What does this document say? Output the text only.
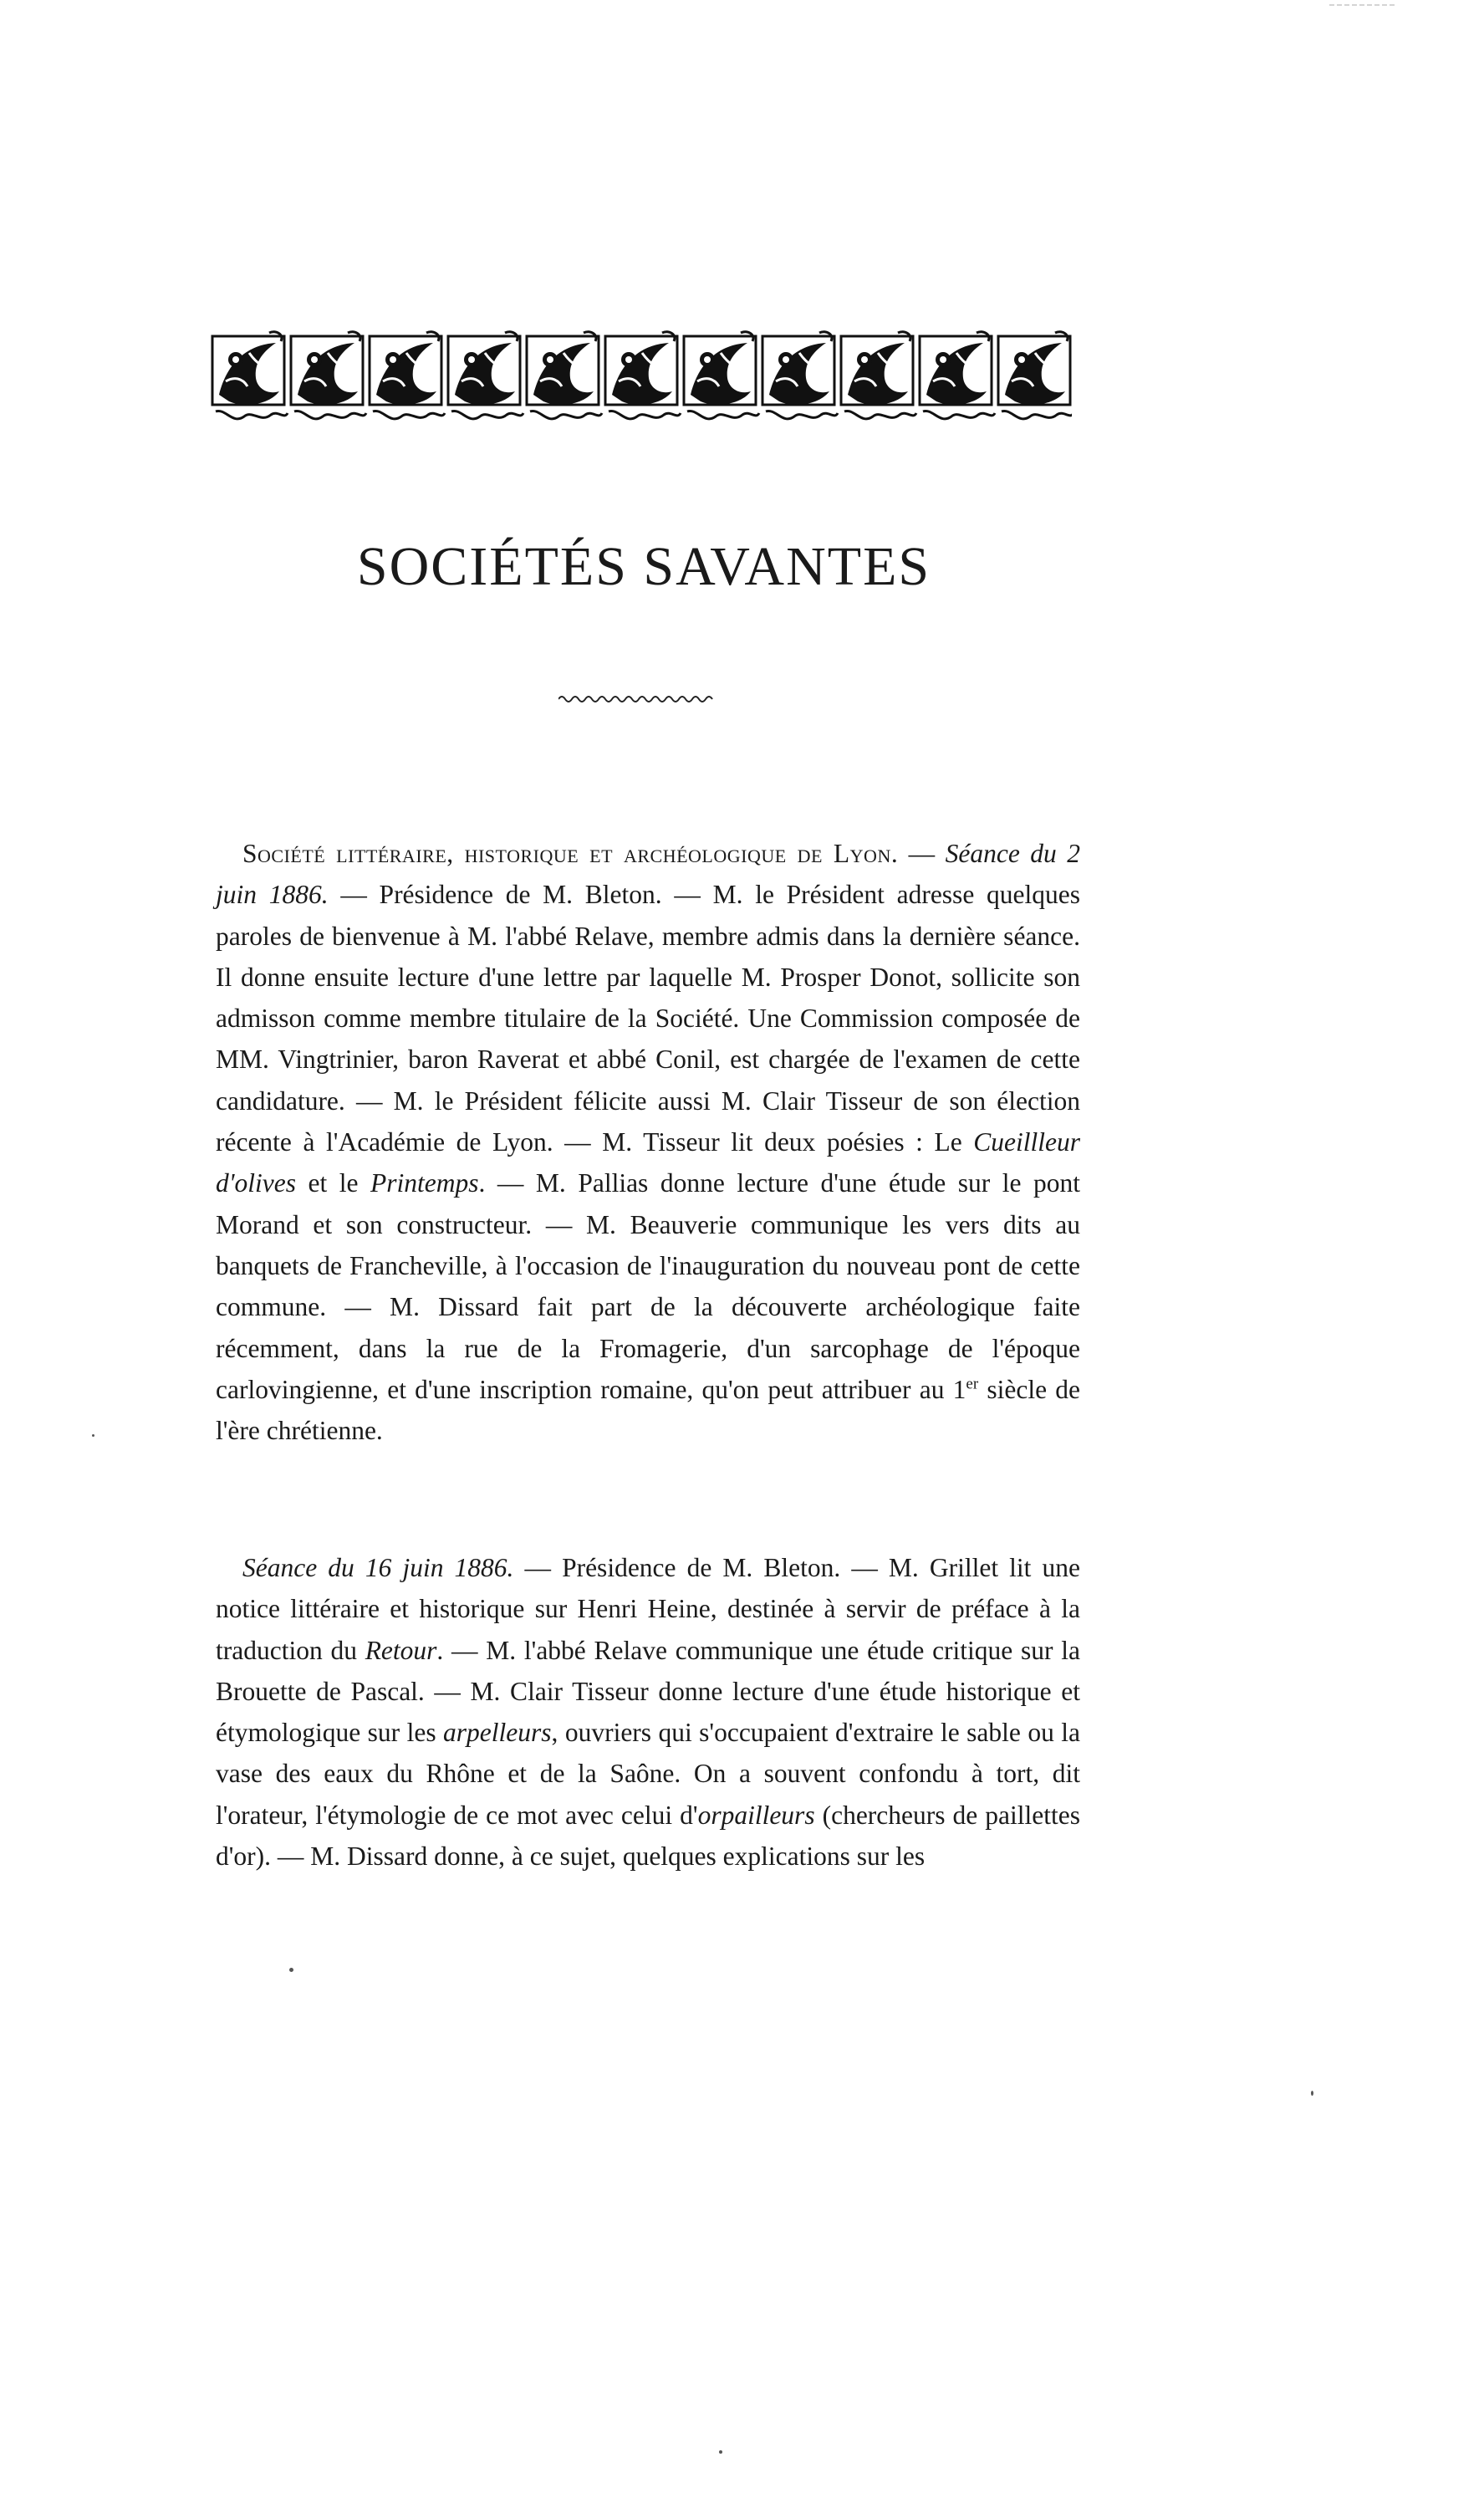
SOCIÉTÉS SAVANTES

Société littéraire, historique et archéologique de Lyon. — Séance du 2 juin 1886. — Présidence de M. Bleton. — M. le Président adresse quelques paroles de bienvenue à M. l'abbé Relave, membre admis dans la dernière séance. Il donne ensuite lecture d'une lettre par laquelle M. Prosper Donot, sollicite son admisson comme membre titulaire de la Société. Une Commission composée de MM. Vingtrinier, baron Raverat et abbé Conil, est chargée de l'examen de cette candidature. — M. le Président félicite aussi M. Clair Tisseur de son élection récente à l'Académie de Lyon. — M. Tisseur lit deux poésies : Le Cueillleur d'olives et le Printemps. — M. Pallias donne lecture d'une étude sur le pont Morand et son constructeur. — M. Beauverie communique les vers dits au banquets de Francheville, à l'occasion de l'inauguration du nouveau pont de cette commune. — M. Dissard fait part de la découverte archéologique faite récemment, dans la rue de la Fromagerie, d'un sarcophage de l'époque carlovingienne, et d'une inscription romaine, qu'on peut attribuer au 1er siècle de l'ère chrétienne.

Séance du 16 juin 1886. — Présidence de M. Bleton. — M. Grillet lit une notice littéraire et historique sur Henri Heine, destinée à servir de préface à la traduction du Retour. — M. l'abbé Relave communique une étude critique sur la Brouette de Pascal. — M. Clair Tisseur donne lecture d'une étude historique et étymologique sur les arpelleurs, ouvriers qui s'occupaient d'extraire le sable ou la vase des eaux du Rhône et de la Saône. On a souvent confondu à tort, dit l'orateur, l'étymologie de ce mot avec celui d'orpailleurs (chercheurs de paillettes d'or). — M. Dissard donne, à ce sujet, quelques explications sur les
